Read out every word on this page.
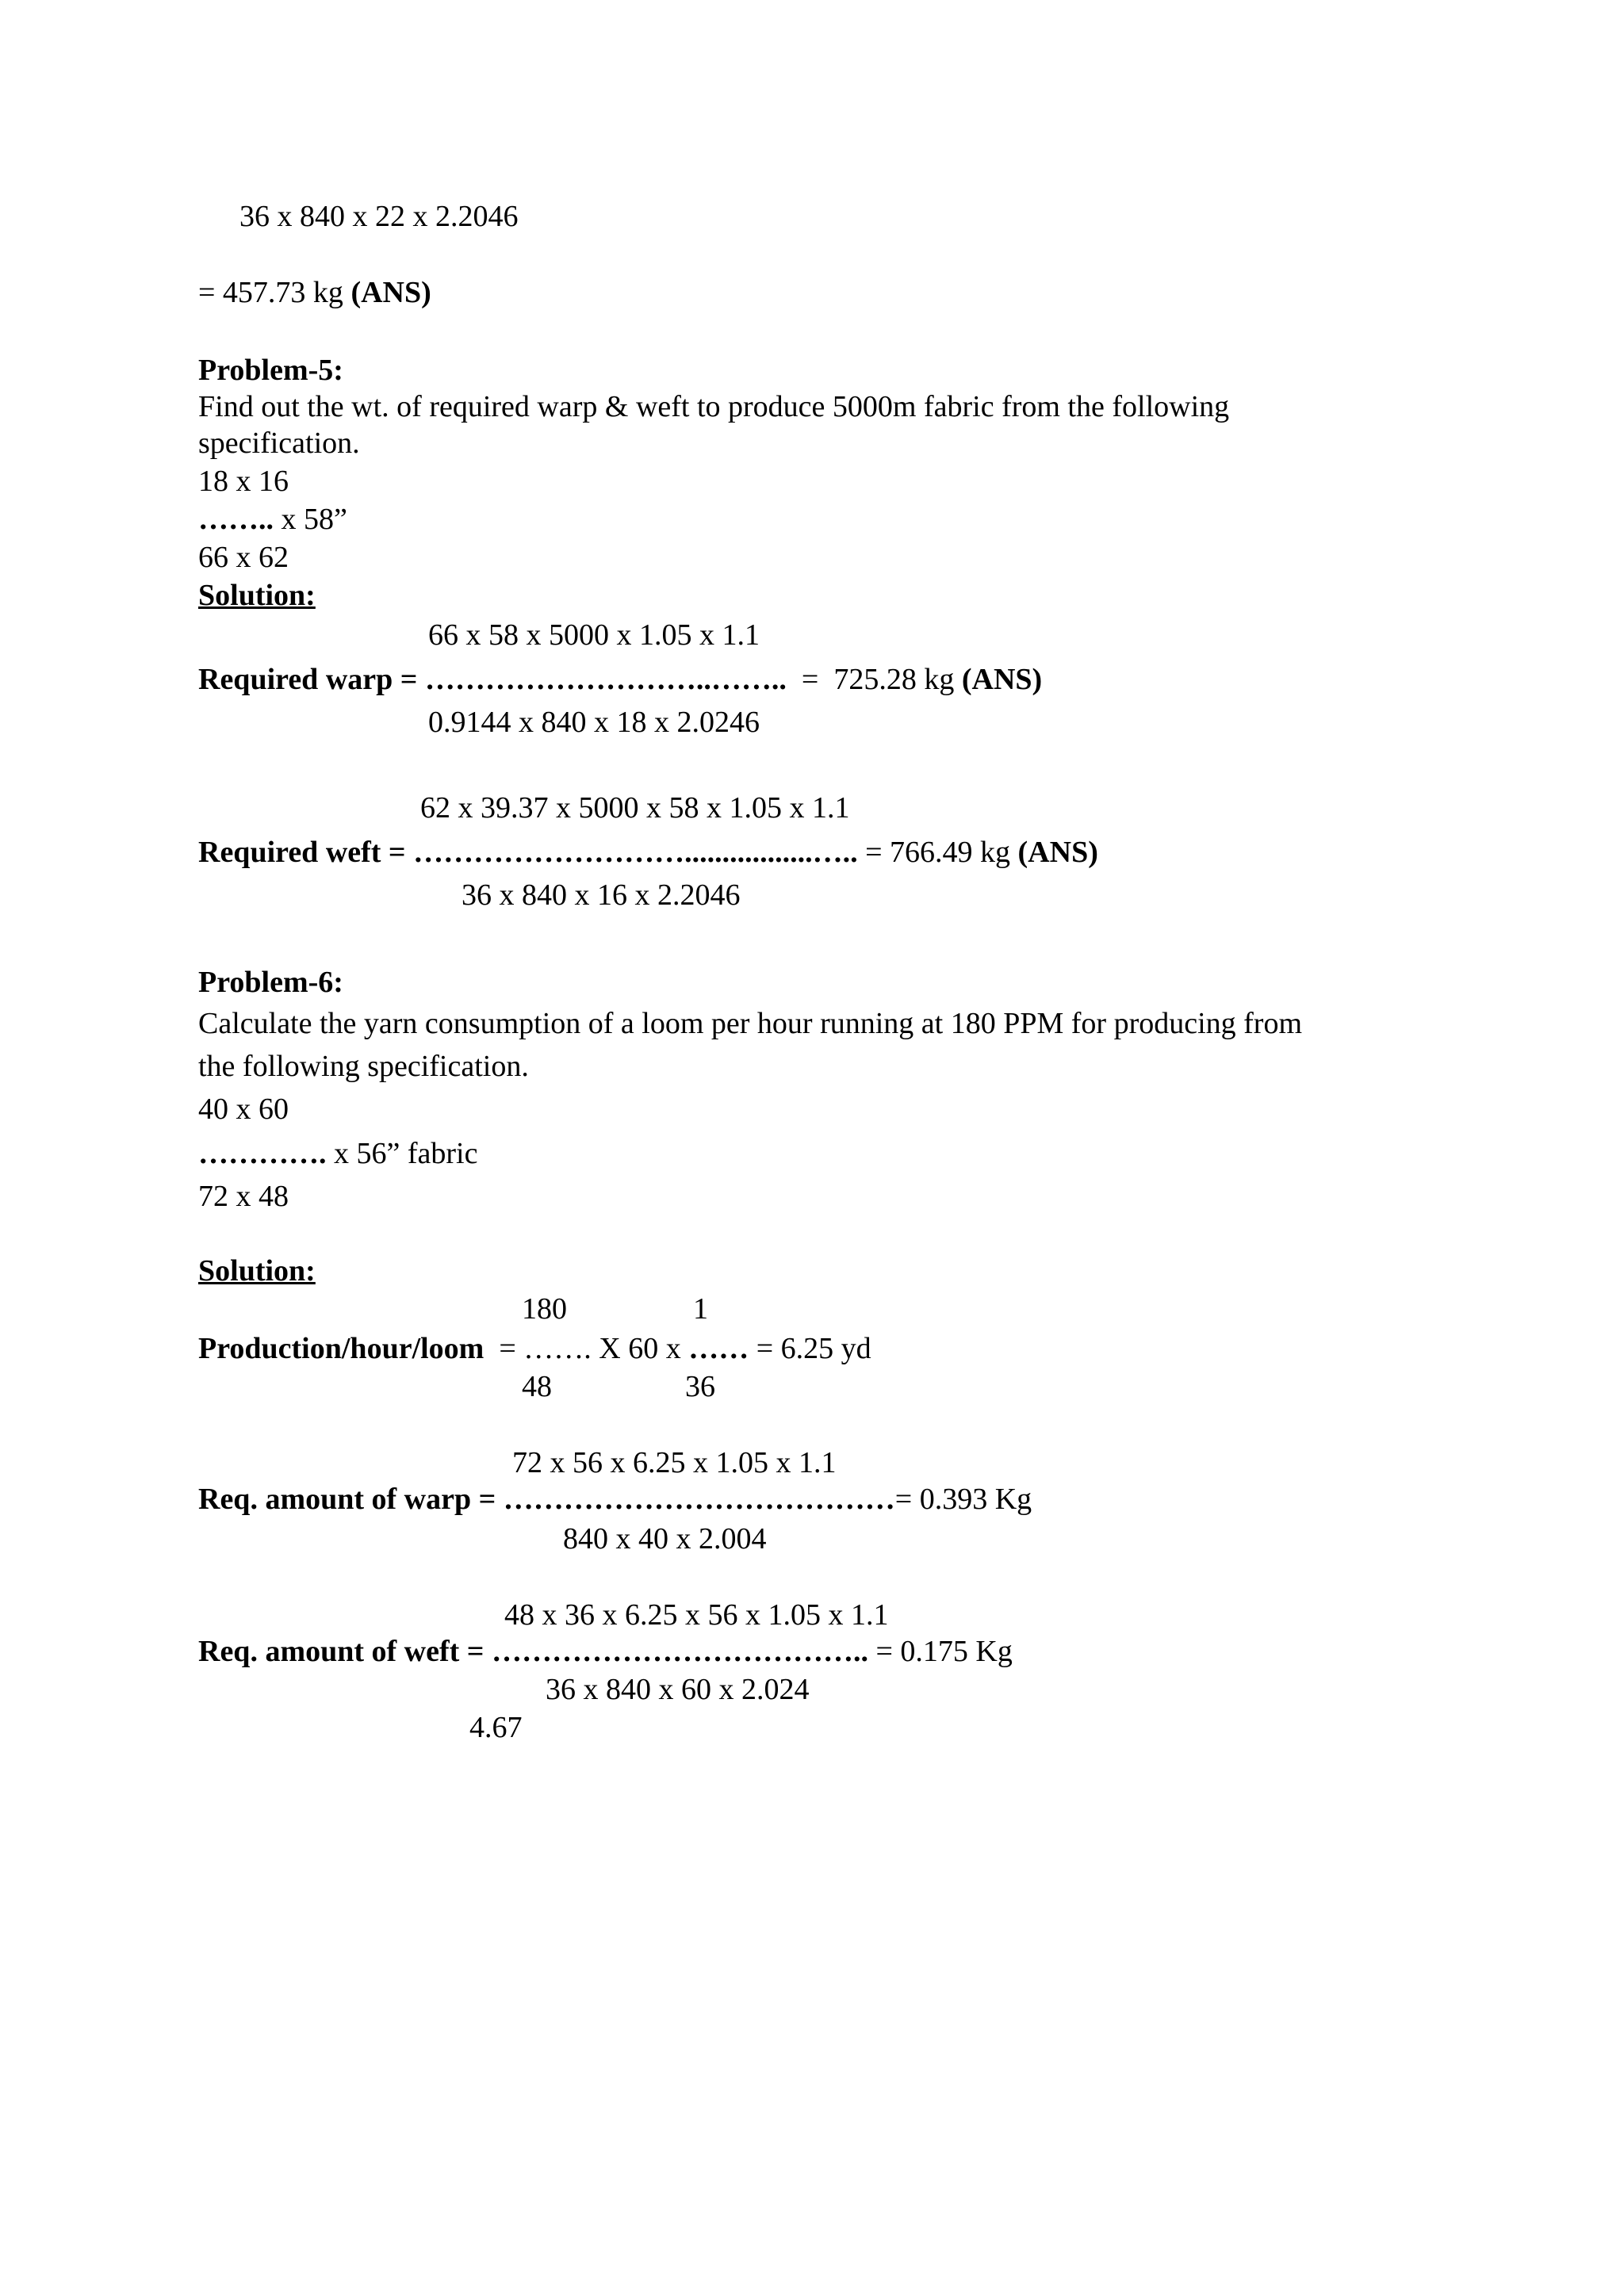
36 x 840 x 22 x 2.2046
= 457.73 kg (ANS)
Problem-5:
Find out the wt. of required warp & weft to produce 5000m fabric from the following
specification.
18 x 16
…….. x 58”
66 x 62
Solution:
66 x 58 x 5000 x 1.05 x 1.1
Required warp = ………………………..……..  =  725.28 kg (ANS)
0.9144 x 840 x 18 x 2.0246
62 x 39.37 x 5000 x 58 x 1.05 x 1.1
Required weft = ……………………….................….. = 766.49 kg (ANS)
36 x 840 x 16 x 2.2046
Problem-6:
Calculate the yarn consumption of a loom per hour running at 180 PPM for producing from
the following specification.
40 x 60
…………. x 56” fabric
72 x 48
Solution:
180	1
Production/hour/loom  = ……. X 60 x …… = 6.25 yd
48	36
72 x 56 x 6.25 x 1.05 x 1.1
Req. amount of warp = …………………………………= 0.393 Kg
840 x 40 x 2.004
48 x 36 x 6.25 x 56 x 1.05 x 1.1
Req. amount of weft = ……………………………….. = 0.175 Kg
36 x 840 x 60 x 2.024
4.67
